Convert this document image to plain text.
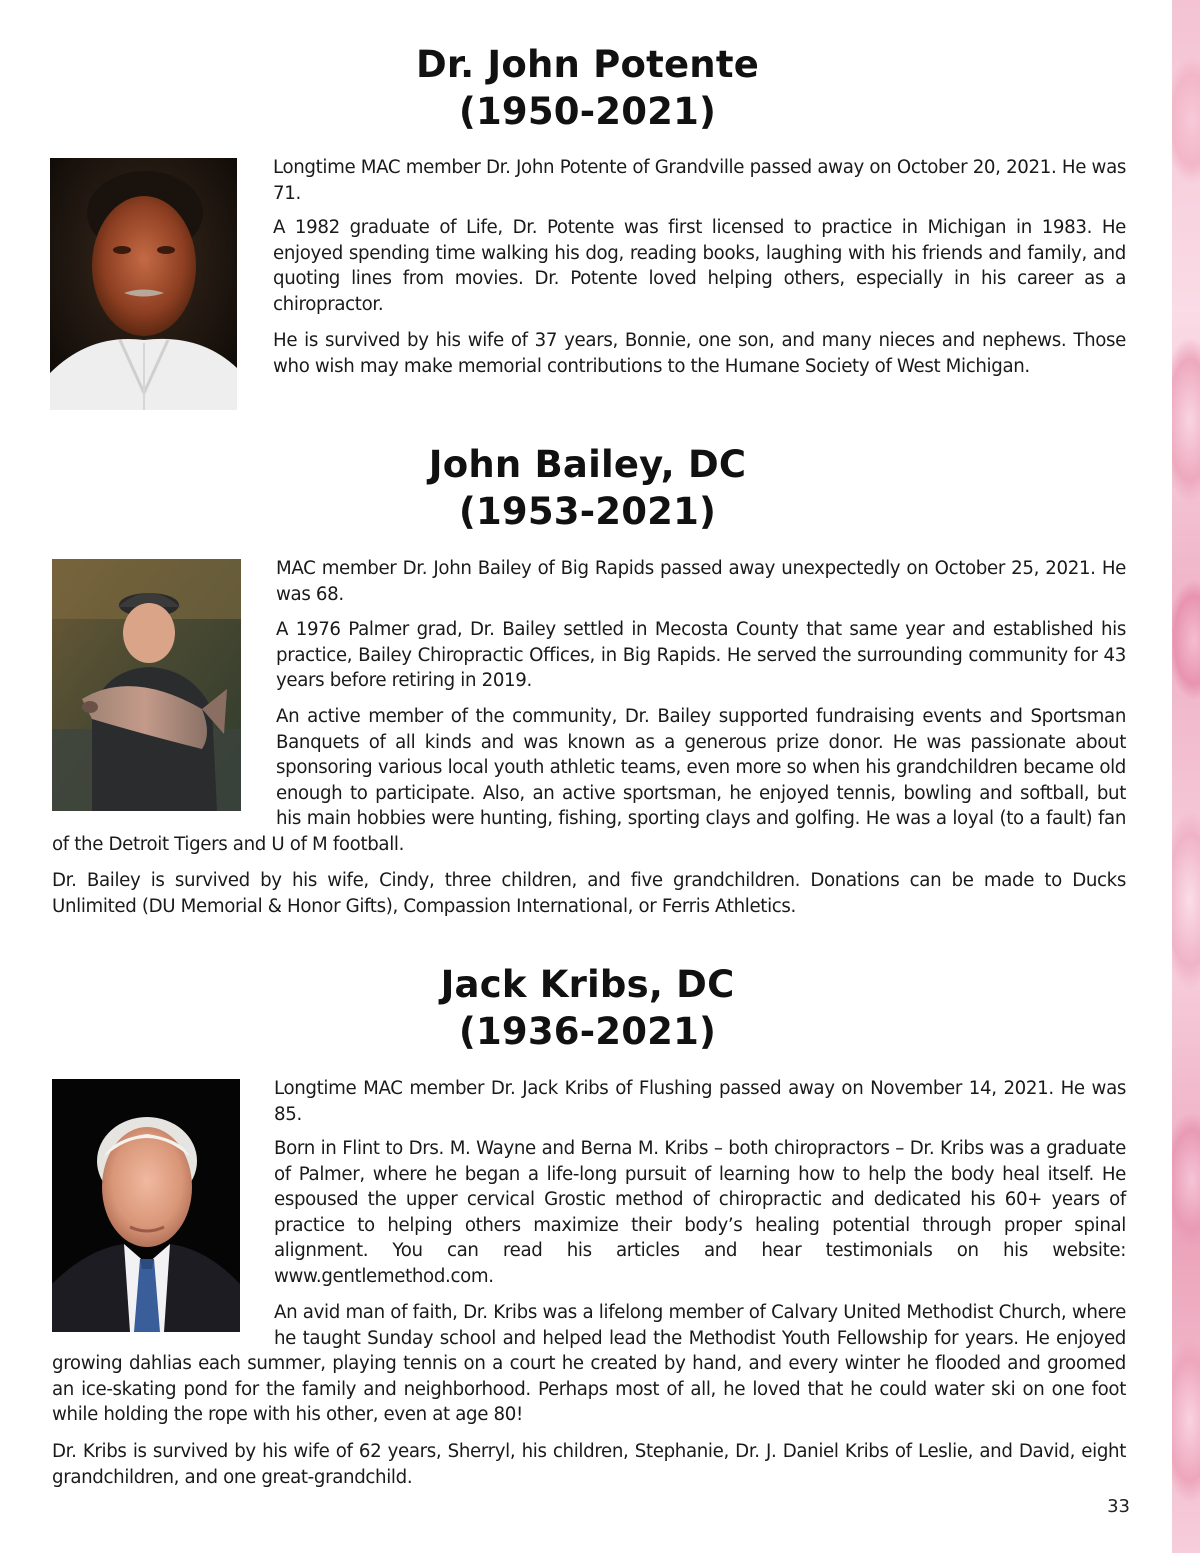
Dr. John Potente
(1950-2021)

Longtime MAC member Dr. John Potente of Grandville passed away on October 20, 2021. He was 71.

A 1982 graduate of Life, Dr. Potente was first licensed to practice in Michigan in 1983. He enjoyed spending time walking his dog, reading books, laughing with his friends and family, and quoting lines from movies. Dr. Potente loved helping others, especially in his career as a chiropractor.

He is survived by his wife of 37 years, Bonnie, one son, and many nieces and nephews. Those who wish may make memorial contributions to the Humane Society of West Michigan.

John Bailey, DC
(1953-2021)

MAC member Dr. John Bailey of Big Rapids passed away unexpectedly on October 25, 2021. He was 68.

A 1976 Palmer grad, Dr. Bailey settled in Mecosta County that same year and established his practice, Bailey Chiropractic Offices, in Big Rapids. He served the surrounding community for 43 years before retiring in 2019.

An active member of the community, Dr. Bailey supported fundraising events and Sportsman Banquets of all kinds and was known as a generous prize donor. He was passionate about sponsoring various local youth athletic teams, even more so when his grandchildren became old enough to participate. Also, an active sportsman, he enjoyed tennis, bowling and softball, but his main hobbies were hunting, fishing, sporting clays and golfing. He was a loyal (to a fault) fan of the Detroit Tigers and U of M football.

Dr. Bailey is survived by his wife, Cindy, three children, and five grandchildren. Donations can be made to Ducks Unlimited (DU Memorial & Honor Gifts), Compassion International, or Ferris Athletics.

Jack Kribs, DC
(1936-2021)

Longtime MAC member Dr. Jack Kribs of Flushing passed away on November 14, 2021. He was 85.

Born in Flint to Drs. M. Wayne and Berna M. Kribs – both chiropractors – Dr. Kribs was a graduate of Palmer, where he began a life-long pursuit of learning how to help the body heal itself. He espoused the upper cervical Grostic method of chiropractic and dedicated his 60+ years of practice to helping others maximize their body’s healing potential through proper spinal alignment. You can read his articles and hear testimonials on his website: www.gentlemethod.com.

An avid man of faith, Dr. Kribs was a lifelong member of Calvary United Methodist Church, where he taught Sunday school and helped lead the Methodist Youth Fellowship for years. He enjoyed growing dahlias each summer, playing tennis on a court he created by hand, and every winter he flooded and groomed an ice-skating pond for the family and neighborhood. Perhaps most of all, he loved that he could water ski on one foot while holding the rope with his other, even at age 80!

Dr. Kribs is survived by his wife of 62 years, Sherryl, his children, Stephanie, Dr. J. Daniel Kribs of Leslie, and David, eight grandchildren, and one great-grandchild.

33
